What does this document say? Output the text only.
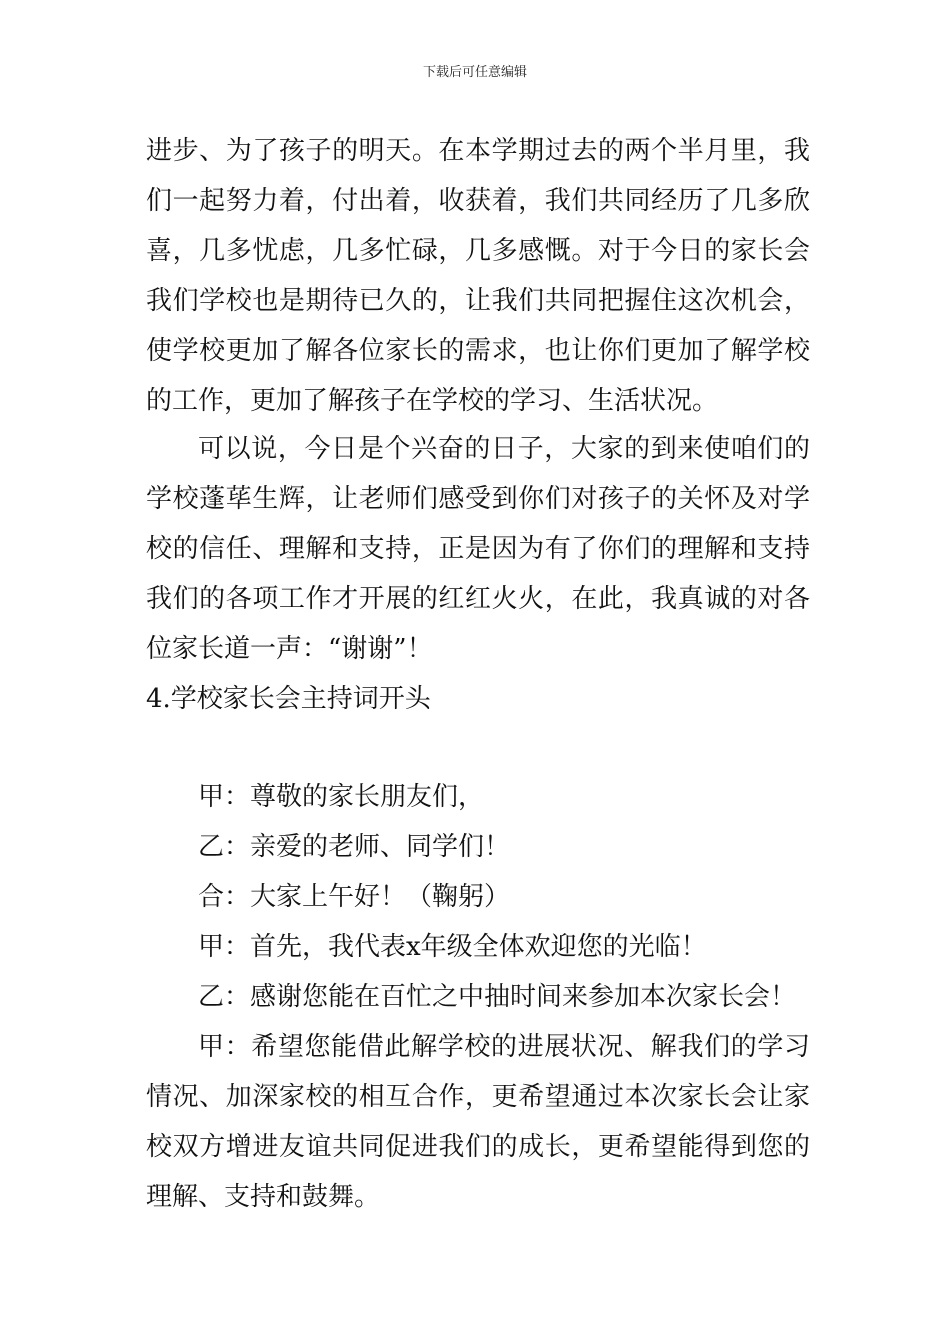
下载后可任意编辑
进步、为了孩子的明天。在本学期过去的两个半月里，我
们一起努力着，付出着，收获着，我们共同经历了几多欣
喜，几多忧虑，几多忙碌，几多感慨。对于今日的家长会
我们学校也是期待已久的，让我们共同把握住这次机会，
使学校更加了解各位家长的需求，也让你们更加了解学校
的工作，更加了解孩子在学校的学习、生活状况。
可以说，今日是个兴奋的日子，大家的到来使咱们的
学校蓬荜生辉，让老师们感受到你们对孩子的关怀及对学
校的信任、理解和支持，正是因为有了你们的理解和支持
我们的各项工作才开展的红红火火，在此，我真诚的对各
位家长道一声：“谢谢”！
4.学校家长会主持词开头
甲：尊敬的家长朋友们，
乙：亲爱的老师、同学们！
合：大家上午好！（鞠躬）
甲：首先，我代表x年级全体欢迎您的光临！
乙：感谢您能在百忙之中抽时间来参加本次家长会！
甲：希望您能借此解学校的进展状况、解我们的学习
情况、加深家校的相互合作，更希望通过本次家长会让家
校双方增进友谊共同促进我们的成长，更希望能得到您的
理解、支持和鼓舞。
